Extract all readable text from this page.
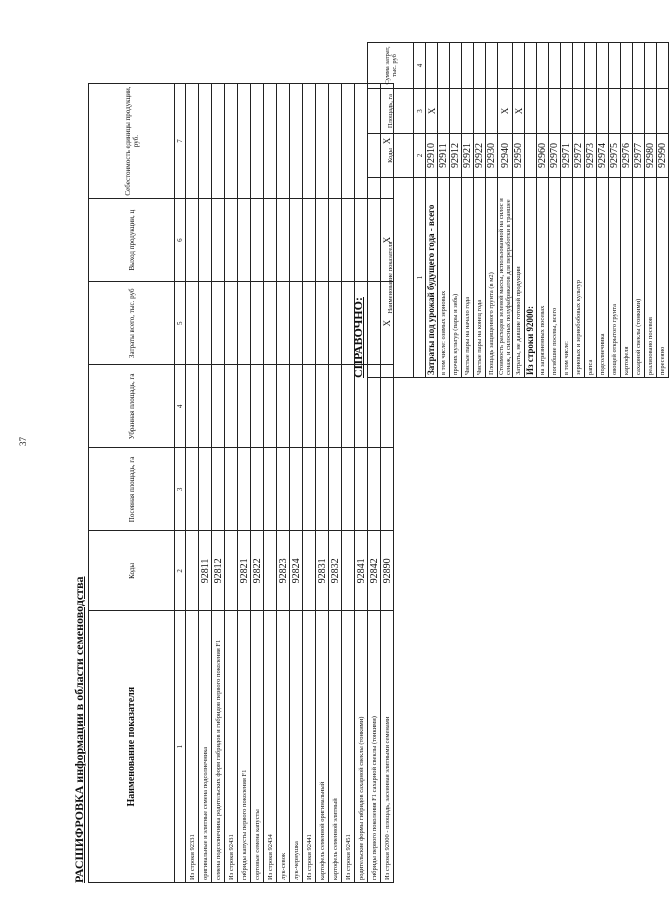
37
РАСШИФРОВКА информации в области семеноводства	Наименование показателя	Коды	Посевная площадь, га	Убранная площадь, га	Затраты всего, тыс. руб	Выход продукции, ц	Себестоимость единицы продукции, руб.
1	2	3	4	5	6	7
Из строки 92331						
оригинальные и элитные семена подсолнечника	92811					
семена подсолнечника родительских форм гибридов и гибридов первого поколения F1	92812					
Из строки 92431						
гибриды капусты первого поколения F1	92821					
сортовые семена капусты	92822					
Из строки 92434						
лук-севок	92823					
лук-чернушка	92824					
Из строки 92441						
картофель семенной оригинальный	92831					
картофель семенной элитный	92832					
Из строки 92451						
родительские формы гибридов сахарной свеклы (тонкими)	92841					
гибриды первого поколения F1 сахарной свеклы (тонкими)	92842					
Из строки 92000 - площадь, засеянная элитными семенами	92890			X	X	X
СПРАВОЧНО:
Наименование показателя	Коды	Площадь, га	Сумма затрат, тыс. руб
1	2	3	4
Затраты под урожай будущего года - всего	92910	X	
в том числе: озимых зерновых	92911		
прочих культур (пары и зябь)	92912		
Чистые пары на начало года	92921		
Чистые пары на конец года	92922		
Площадь защищенного грунта (в м2)	92930		
Стоимость расходов зеленой массы, использованной на силос и сенаж, и силосных полуфабрикатов для переработки в траншее	92940	X	
Затраты, не давшие готовой продукции	92950	X	
Из строки 92000:			
на загрязненных посевах	92960		
погибшие посевы, всего	92970		
в том числе:	92971		
зерновых и зернобобовых культур	92972		
рапса	92973		
подсолнечника	92974		
овощей открытого грунта	92975		
картофеля	92976		
сахарной свеклы (тонкими)	92977		
реализовано посевов	92980		
пересеяно	92990		
